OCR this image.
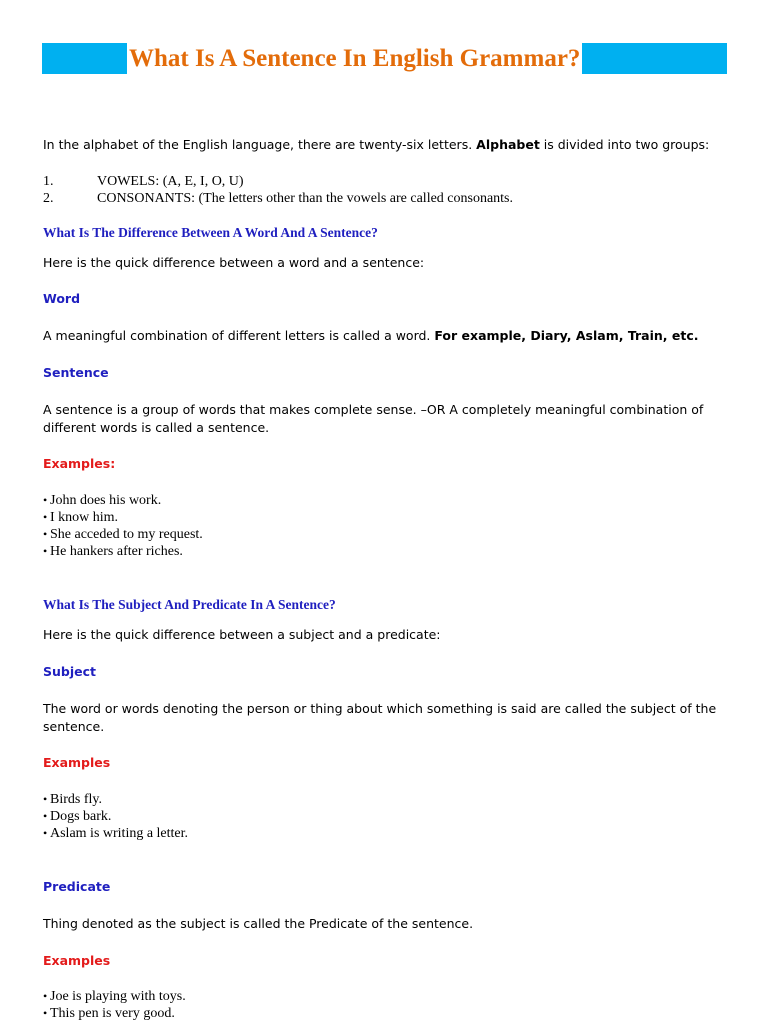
What Is A Sentence In English Grammar?
In the alphabet of the English language, there are twenty-six letters. Alphabet is divided into two groups:
1.	VOWELS: (A, E, I, O, U)
2.	CONSONANTS: (The letters other than the vowels are called consonants.
What Is The Difference Between A Word And A Sentence?
Here is the quick difference between a word and a sentence:
Word
A meaningful combination of different letters is called a word. For example, Diary, Aslam, Train, etc.
Sentence
A sentence is a group of words that makes complete sense. –OR A completely meaningful combination of different words is called a sentence.
Examples:
• John does his work.
• I know him.
• She acceded to my request.
• He hankers after riches.
What Is The Subject And Predicate In A Sentence?
Here is the quick difference between a subject and a predicate:
Subject
The word or words denoting the person or thing about which something is said are called the subject of the sentence.
Examples
• Birds fly.
• Dogs bark.
• Aslam is writing a letter.
Predicate
Thing denoted as the subject is called the Predicate of the sentence.
Examples
• Joe is playing with toys.
• This pen is very good.
